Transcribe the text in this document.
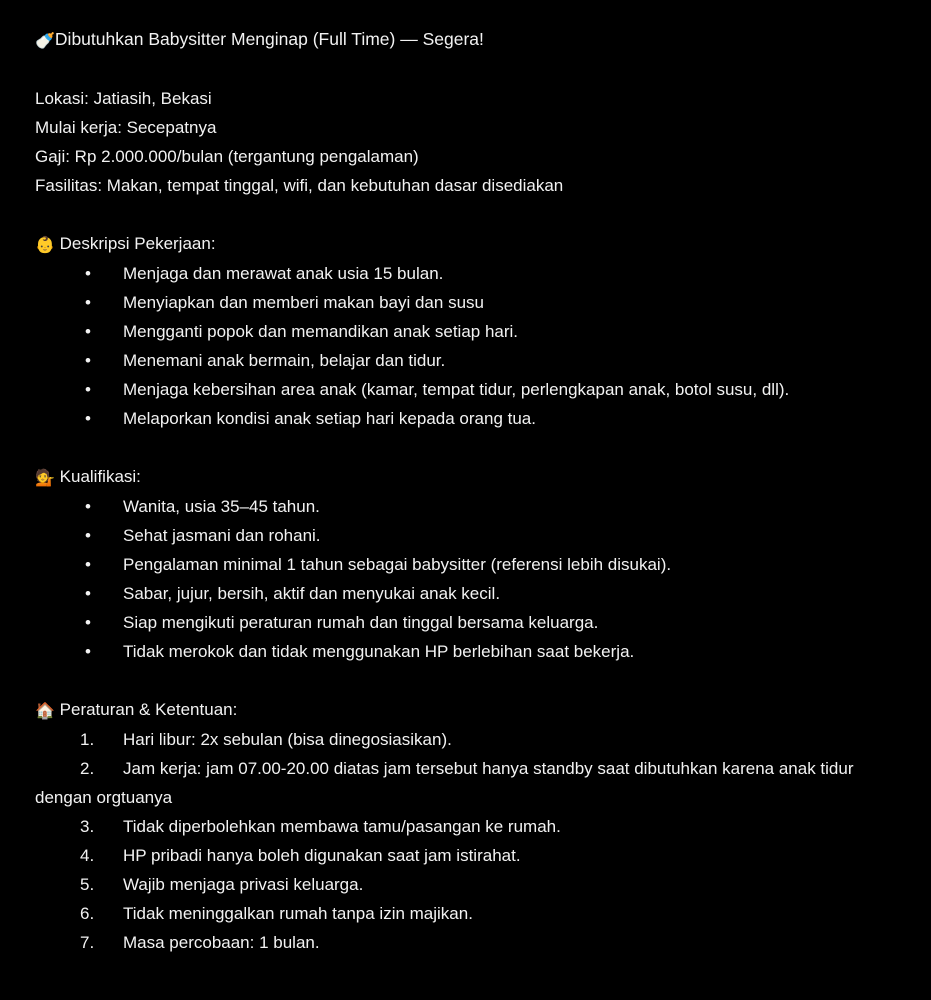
🍼Dibutuhkan Babysitter Menginap (Full Time) — Segera!
Lokasi: Jatiasih, Bekasi
Mulai kerja: Secepatnya
Gaji: Rp 2.000.000/bulan (tergantung pengalaman)
Fasilitas: Makan, tempat tinggal, wifi, dan kebutuhan dasar disediakan
👶 Deskripsi Pekerjaan:
• Menjaga dan merawat anak usia 15 bulan.
• Menyiapkan dan memberi makan bayi dan susu
• Mengganti popok dan memandikan anak setiap hari.
• Menemani anak bermain, belajar dan tidur.
• Menjaga kebersihan area anak (kamar, tempat tidur, perlengkapan anak, botol susu, dll).
• Melaporkan kondisi anak setiap hari kepada orang tua.
💁 Kualifikasi:
• Wanita, usia 35–45 tahun.
• Sehat jasmani dan rohani.
• Pengalaman minimal 1 tahun sebagai babysitter (referensi lebih disukai).
• Sabar, jujur, bersih, aktif dan menyukai anak kecil.
• Siap mengikuti peraturan rumah dan tinggal bersama keluarga.
• Tidak merokok dan tidak menggunakan HP berlebihan saat bekerja.
🏠 Peraturan & Ketentuan:
1. Hari libur: 2x sebulan (bisa dinegosiasikan).
2. Jam kerja: jam 07.00-20.00 diatas jam tersebut hanya standby saat dibutuhkan karena anak tidur dengan orgtuanya
3. Tidak diperbolehkan membawa tamu/pasangan ke rumah.
4. HP pribadi hanya boleh digunakan saat jam istirahat.
5. Wajib menjaga privasi keluarga.
6. Tidak meninggalkan rumah tanpa izin majikan.
7. Masa percobaan: 1 bulan.
